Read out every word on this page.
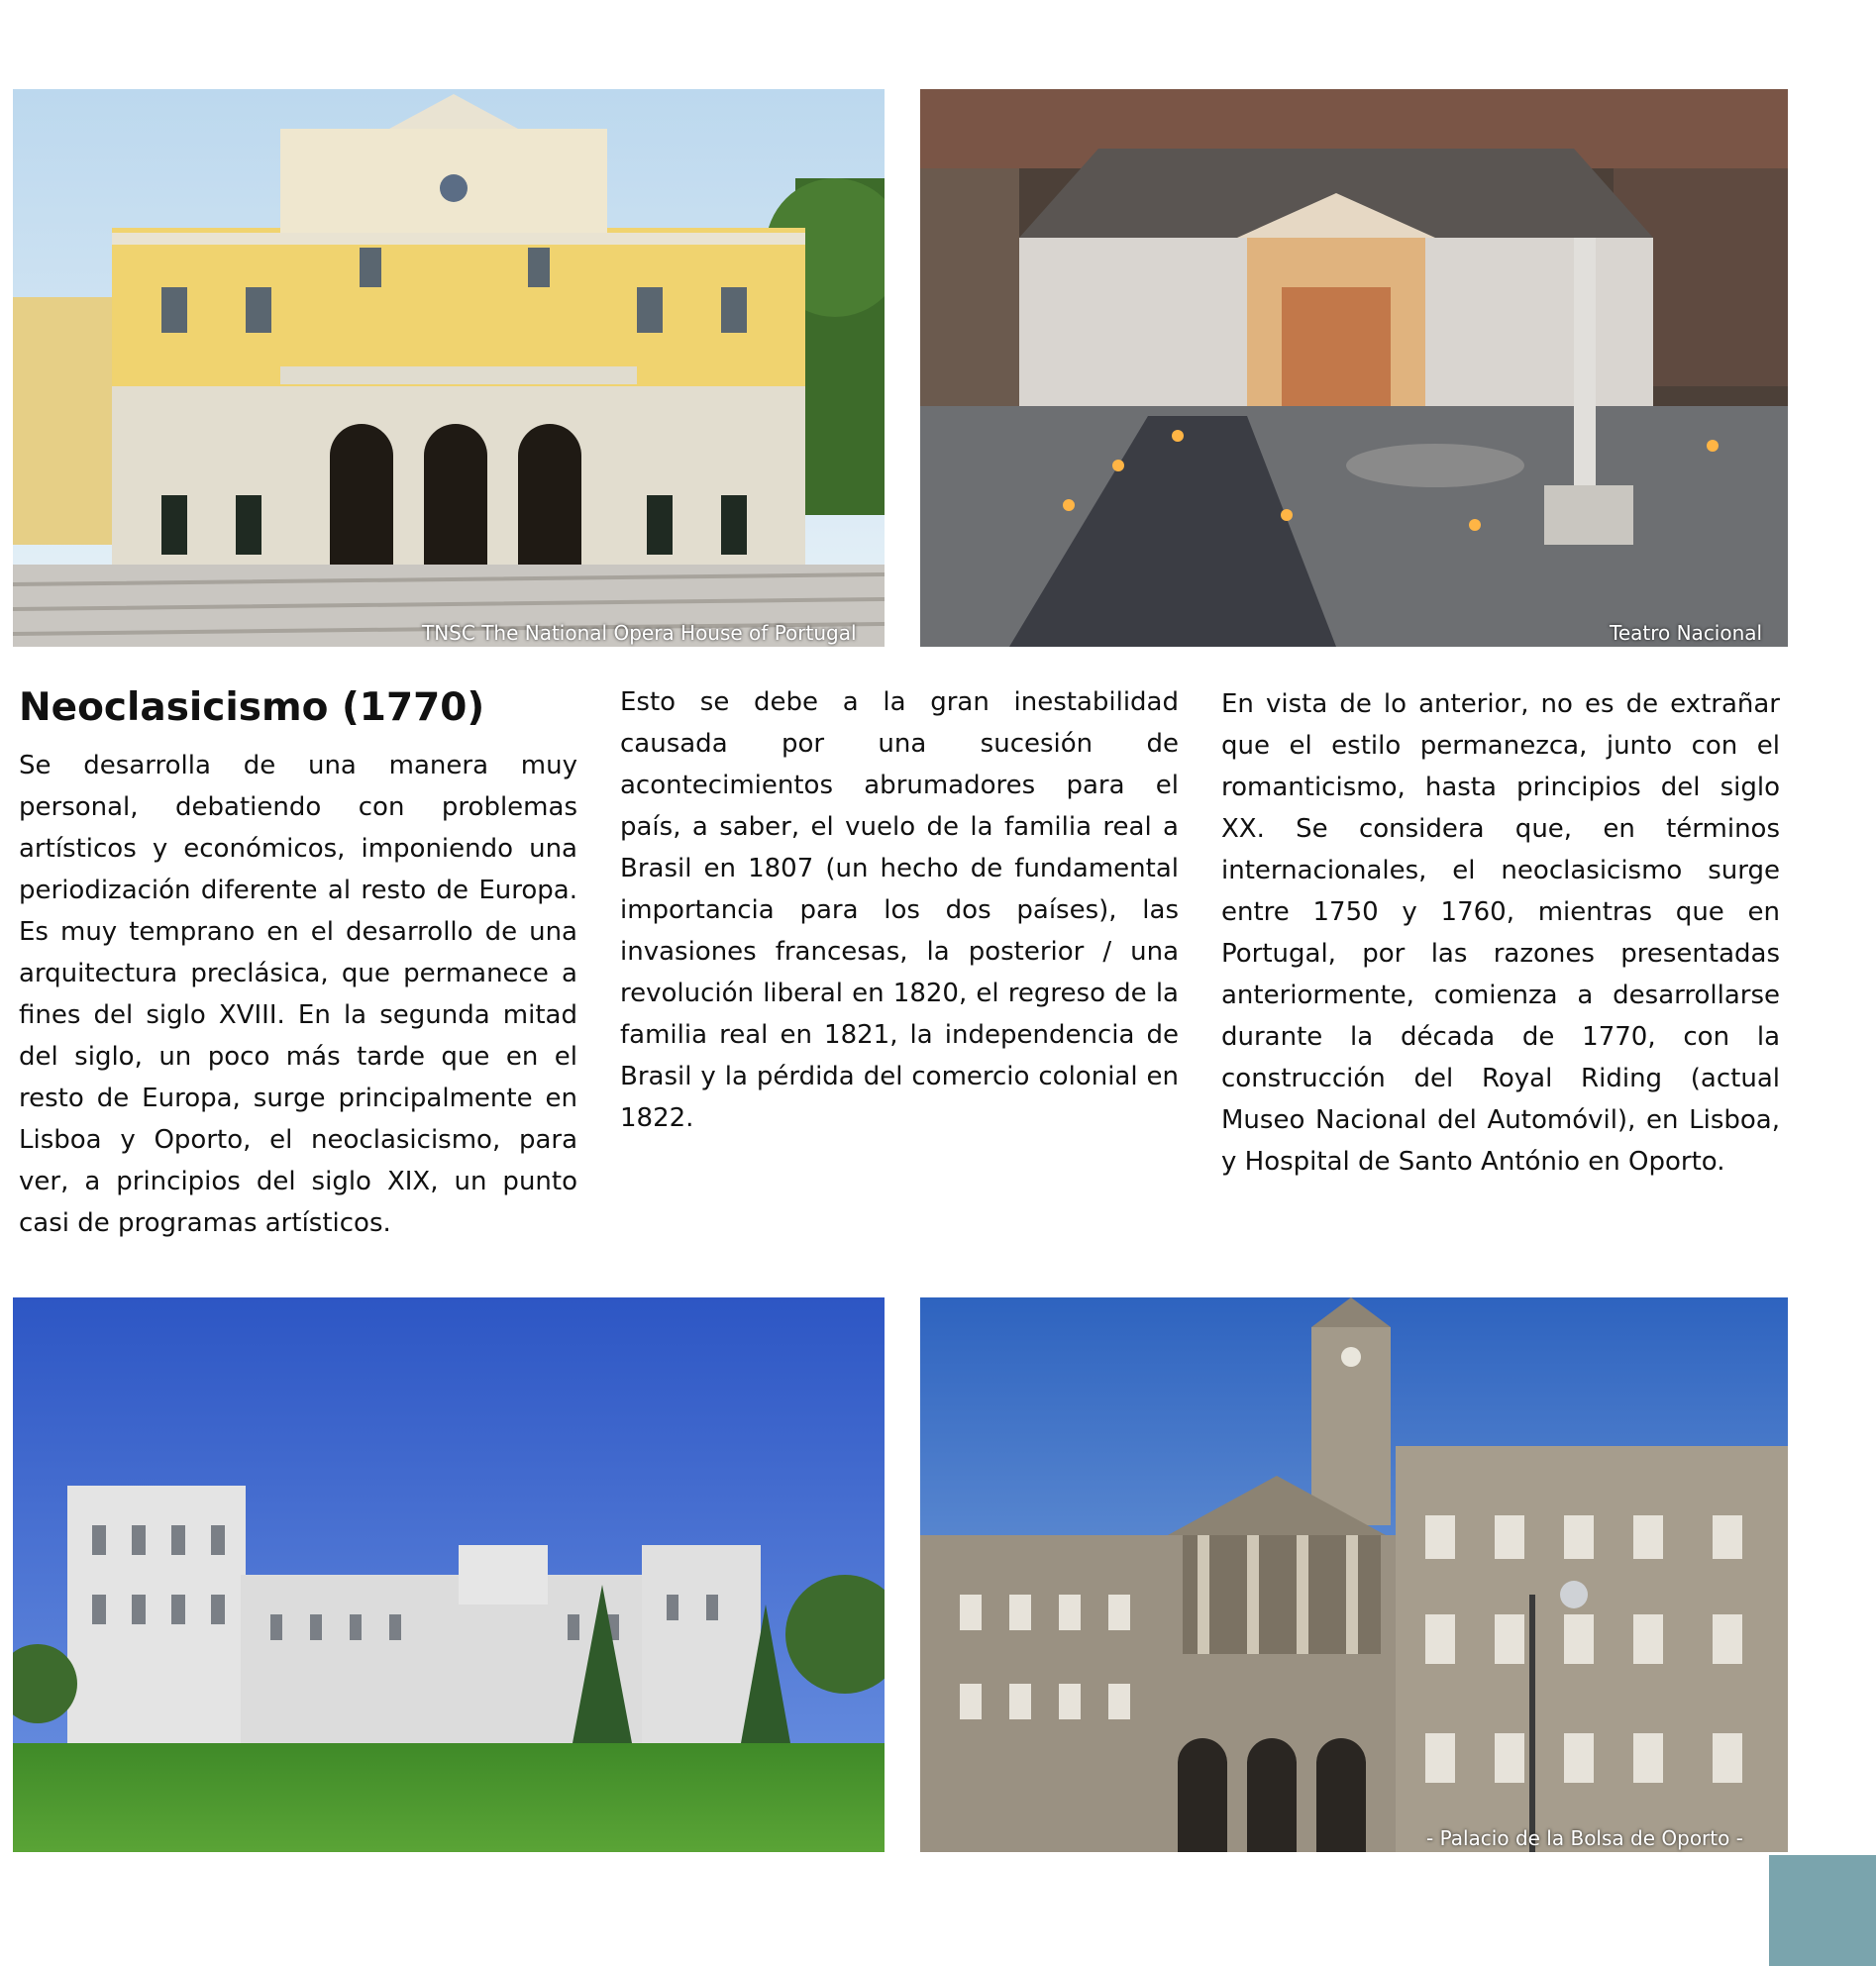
TNSC The National Opera House of Portugal	Teatro Nacional
Neoclasicismo (1770)

Se desarrolla de una manera muy personal, debatiendo con problemas artísticos y económicos, imponiendo una periodización diferente al resto de Europa. Es muy temprano en el desarrollo de una arquitectura preclásica, que permanece a fines del siglo XVIII. En la segunda mitad del siglo, un poco más tarde que en el resto de Europa, surge principalmente en Lisboa y Oporto, el neoclasicismo, para ver, a principios del siglo XIX, un punto casi de programas artísticos.

Esto se debe a la gran inestabilidad causada por una sucesión de acontecimientos abrumadores para el país, a saber, el vuelo de la familia real a Brasil en 1807 (un hecho de fundamental importancia para los dos países), las invasiones francesas, la posterior / una revolución liberal en 1820, el regreso de la familia real en 1821, la independencia de Brasil y la pérdida del comercio colonial en 1822.

En vista de lo anterior, no es de extrañar que el estilo permanezca, junto con el romanticismo, hasta principios del siglo XX. Se considera que, en términos internacionales, el neoclasicismo surge entre 1750 y 1760, mientras que en Portugal, por las razones presentadas anteriormente, comienza a desarrollarse durante la década de 1770, con la construcción del Royal Riding (actual Museo Nacional del Automóvil), en Lisboa, y Hospital de Santo António en Oporto.

- Palacio de la Bolsa de Oporto -
